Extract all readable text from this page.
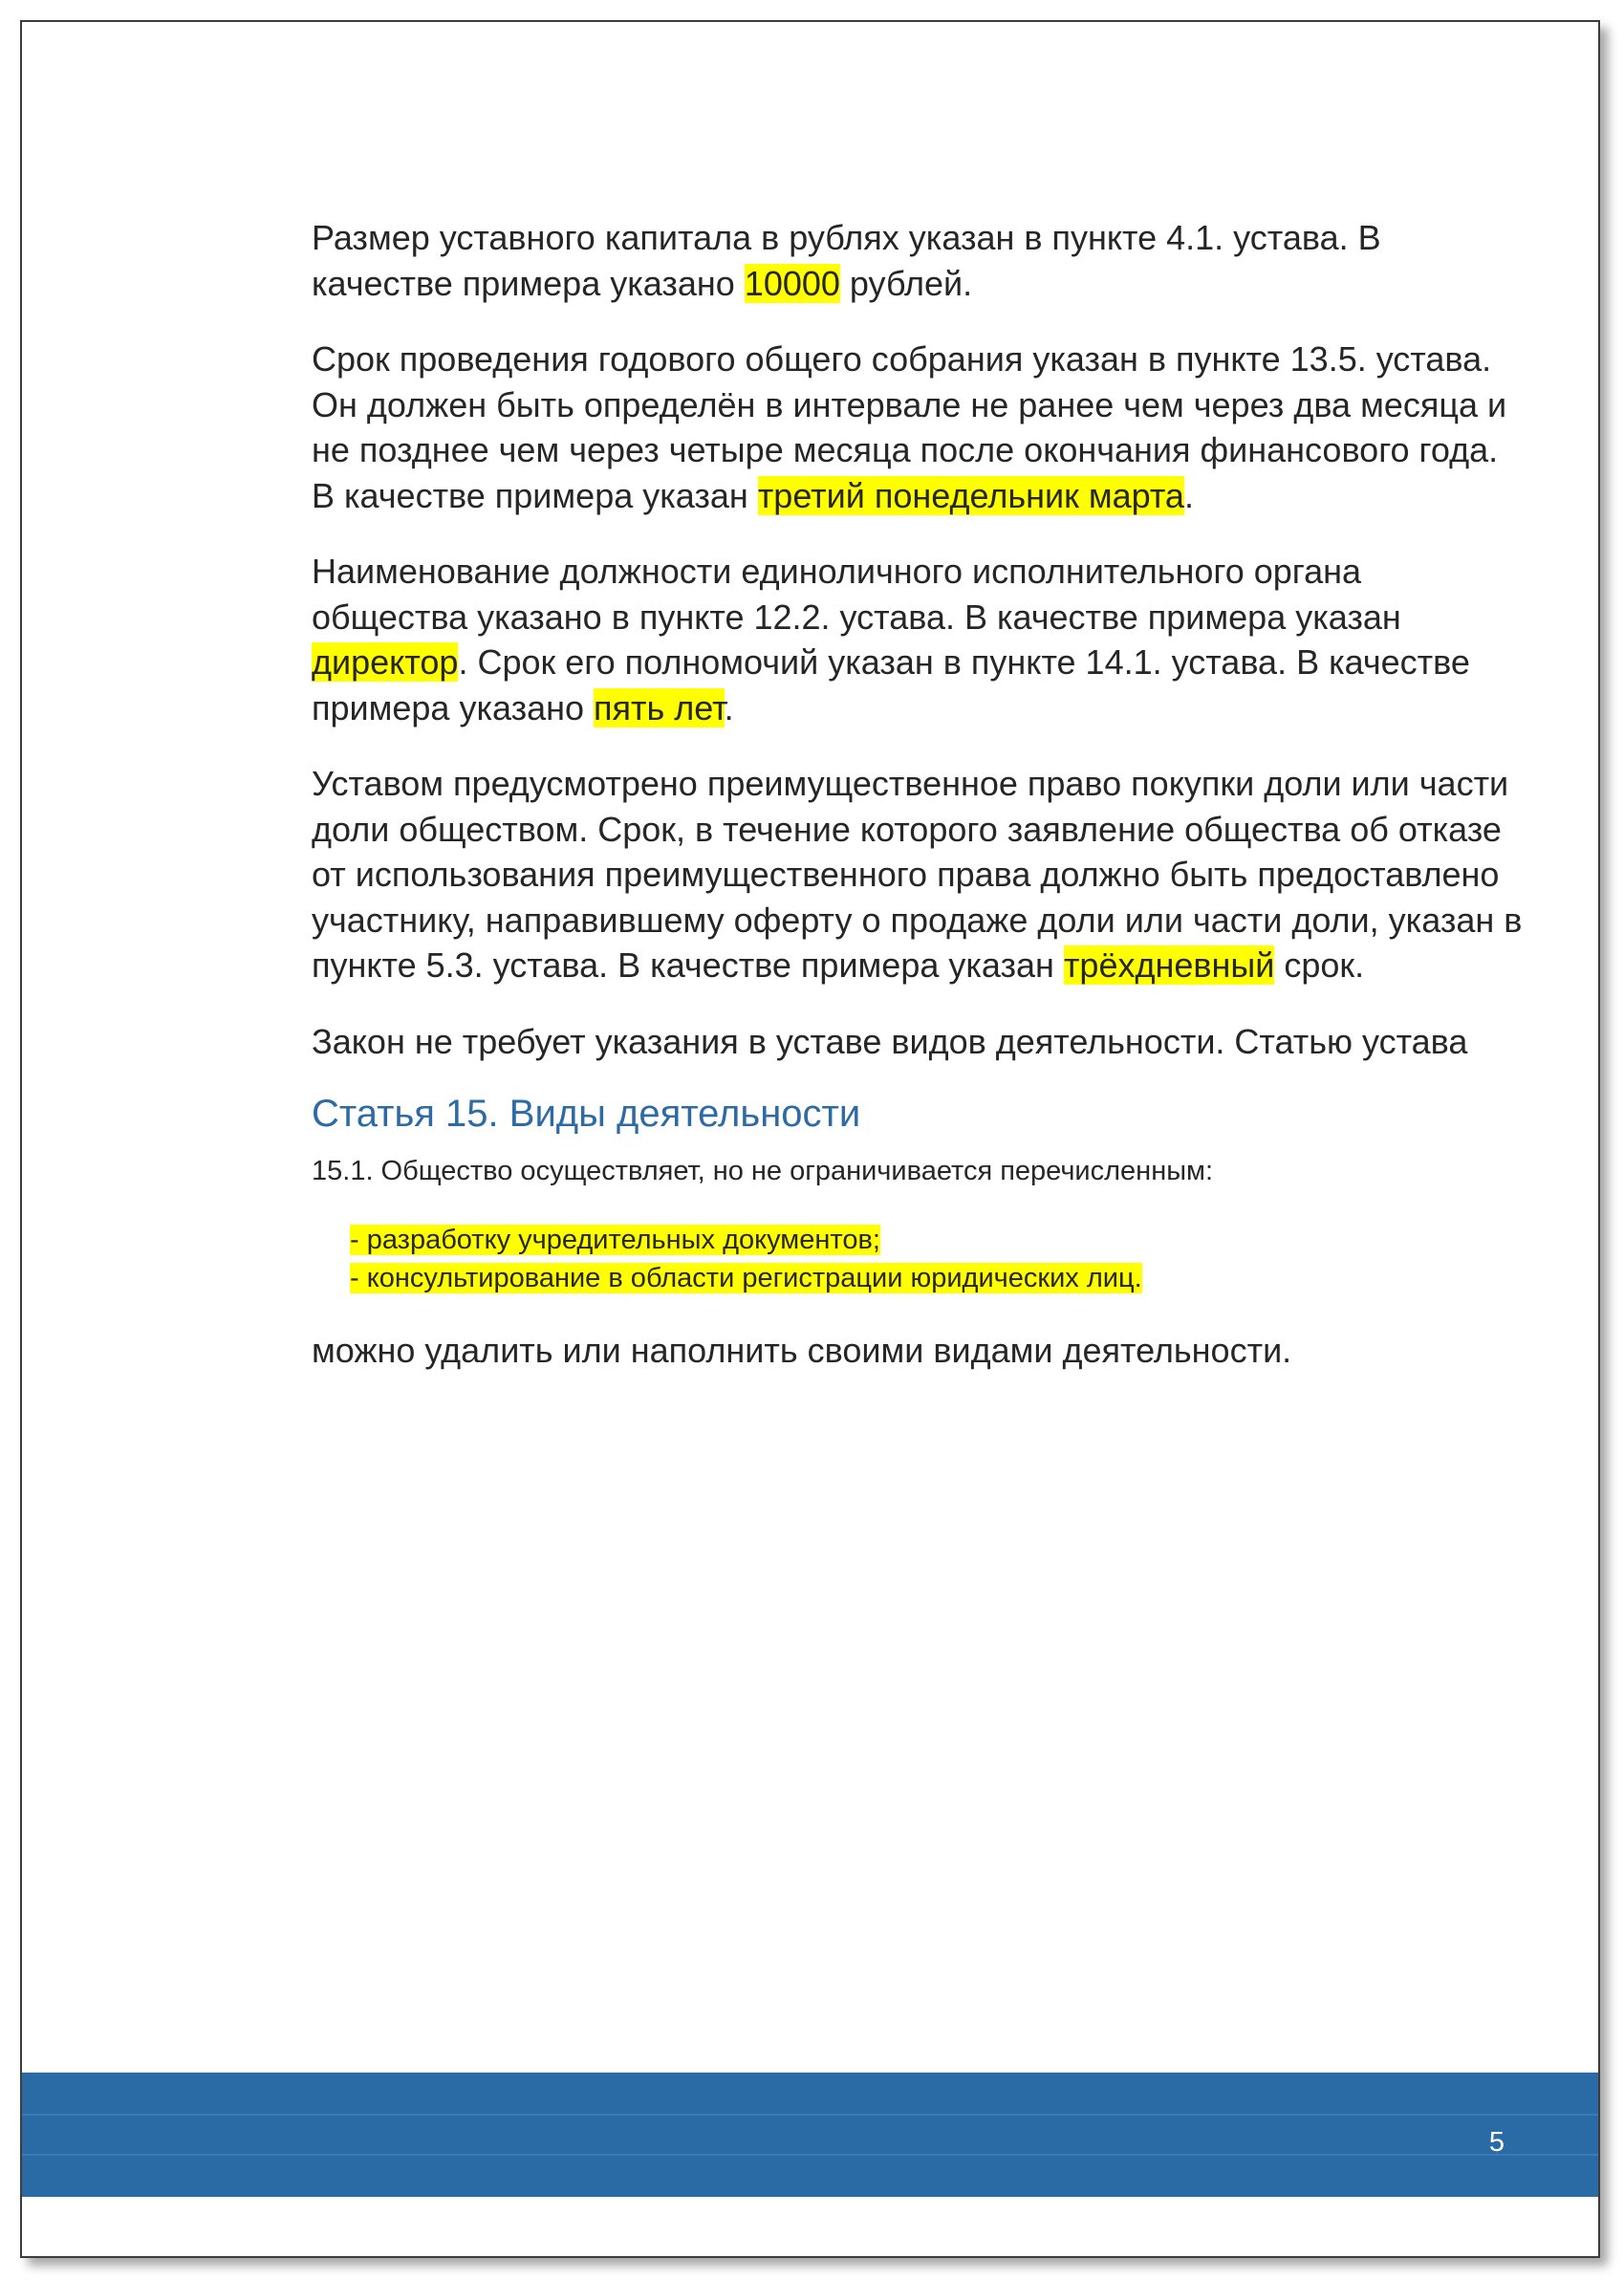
Размер уставного капитала в рублях указан в пункте 4.1. устава. В качестве примера указано 10000 рублей.

Срок проведения годового общего собрания указан в пункте 13.5. устава. Он должен быть определён в интервале не ранее чем через два месяца и не позднее чем через четыре месяца после окончания финансового года. В качестве примера указан третий понедельник марта.

Наименование должности единоличного исполнительного органа общества указано в пункте 12.2. устава. В качестве примера указан директор. Срок его полномочий указан в пункте 14.1. устава. В качестве примера указано пять лет.

Уставом предусмотрено преимущественное право покупки доли или части доли обществом. Срок, в течение которого заявление общества об отказе от использования преимущественного права должно быть предоставлено участнику, направившему оферту о продаже доли или части доли, указан в пункте 5.3. устава. В качестве примера указан трёхдневный срок.

Закон не требует указания в уставе видов деятельности. Статью устава

Статья 15. Виды деятельности

15.1. Общество осуществляет, но не ограничивается перечисленным:

- разработку учредительных документов;
- консультирование в области регистрации юридических лиц.

можно удалить или наполнить своими видами деятельности.

5
